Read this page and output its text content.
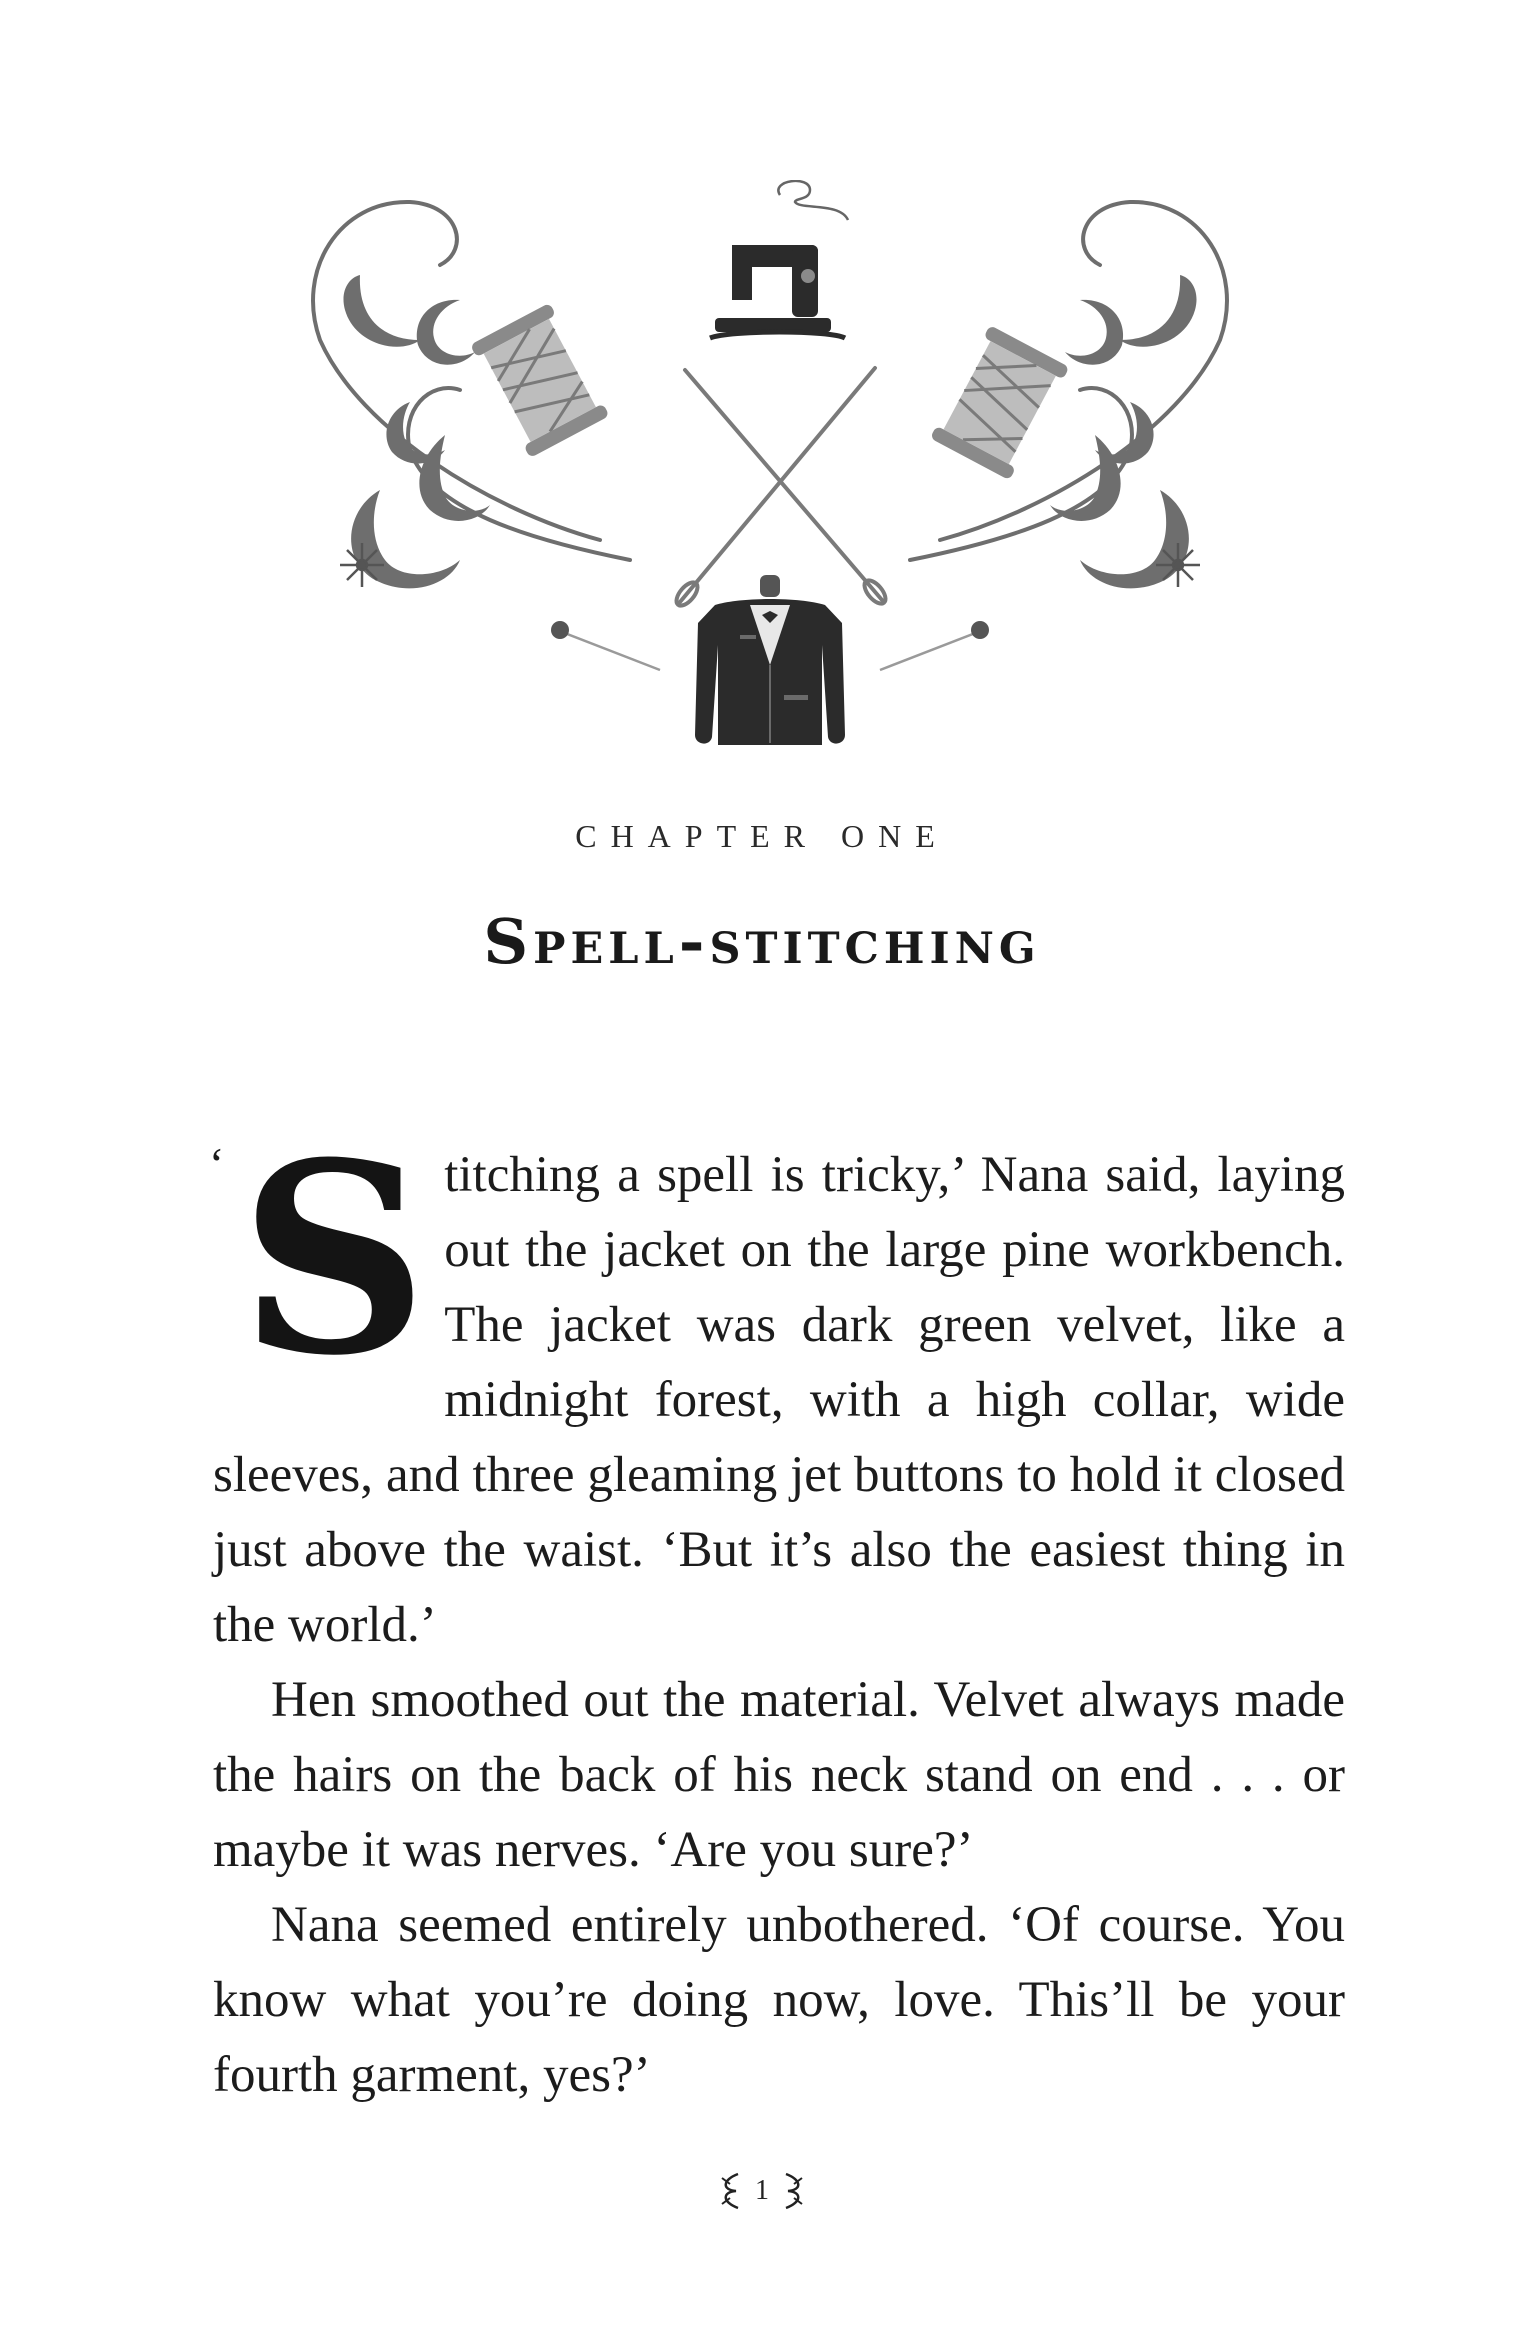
CHAPTER ONE
Spell-stitching

‘ S titching a spell is tricky,’ Nana said, laying out the jacket on the large pine workbench. The jacket was dark green velvet, like a midnight forest, with a high collar, wide sleeves, and three gleaming jet buttons to hold it closed just above the waist. ‘But it’s also the easiest thing in the world.’

Hen smoothed out the material. Velvet always made the hairs on the back of his neck stand on end . . . or maybe it was nerves. ‘Are you sure?’

Nana seemed entirely unbothered. ‘Of course. You know what you’re doing now, love. This’ll be your fourth garment, yes?’

1
